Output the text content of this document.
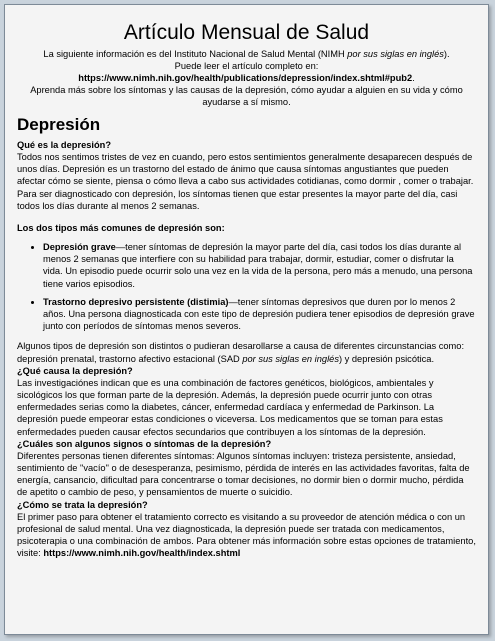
Artículo Mensual de Salud
La siguiente información es del Instituto Nacional de Salud Mental (NIMH por sus siglas en inglés).
Puede leer el artículo completo en:
https://www.nimh.nih.gov/health/publications/depression/index.shtml#pub2.
Aprenda más sobre los síntomas y las causas de la depresión, cómo ayudar a alguien en su vida y cómo ayudarse a sí mismo.
Depresión
Qué es la depresión?

Todos nos sentimos tristes de vez en cuando, pero estos sentimientos generalmente desaparecen después de unos días. Depresión es un trastorno del estado de ánimo que causa síntomas angustiantes que pueden afectar cómo se siente, piensa o cómo lleva a cabo sus actividades cotidianas, como dormir , comer o trabajar. Para ser diagnosticado con depresión, los síntomas tienen que estar presentes la mayor parte del día, casi todos los días durante al menos 2 semanas.

Los dos tipos más comunes de depresión son:
• Depresión grave—tener síntomas de depresión la mayor parte del día, casi todos los días durante al menos 2 semanas que interfiere con su habilidad para trabajar, dormir, estudiar, comer o disfrutar la vida. Un episodio puede ocurrir solo una vez en la vida de la persona, pero más a menudo, una persona tiene varios episodios.
• Trastorno depresivo persistente (distimia)—tener síntomas depresivos que duren por lo menos 2 años. Una persona diagnosticada con este tipo de depresión pudiera tener episodios de depresión grave junto con períodos de síntomas menos severos.

Algunos tipos de depresión son distintos o pudieran desarollarse a causa de diferentes circunstancias como: depresión prenatal, trastorno afectivo estacional (SAD por sus siglas en inglés) y depresión psicótica.

¿Qué causa la depresión?

Las investigaciónes indican que es una combinación de factores genéticos, biológicos, ambientales y sicológicos los que forman parte de la depresión. Además, la depresión puede ocurrir junto con otras enfermedades serias como la diabetes, cáncer, enfermedad cardíaca y enfermedad de Parkinson. La depresión puede empeorar estas condiciones o viceversa. Los medicamentos que se toman para estas enfermedades pueden causar efectos secundarios que contribuyen a los síntomas de la depresión.

¿Cuáles son algunos signos o síntomas de la depresión?

Diferentes personas tienen diferentes síntomas: Algunos síntomas incluyen: tristeza persistente, ansiedad, sentimiento de "vacío" o de desesperanza, pesimismo, pérdida de interés en las actividades favoritas, falta de energía, cansancio, dificultad para concentrarse o tomar decisiones, no dormir bien o dormir mucho, pérdida de apetito o cambio de peso, y pensamientos de muerte o suicidio.

¿Cómo se trata la depresión?

El primer paso para obtener el tratamiento correcto es visitando a su proveedor de atención médica o con un profesional de salud mental. Una vez diagnosticada, la depresión puede ser tratada con medicamentos, psicoterapia o una combinación de ambos. Para obtener más información sobre estas opciones de tratamiento, visite: https://www.nimh.nih.gov/health/index.shtml
